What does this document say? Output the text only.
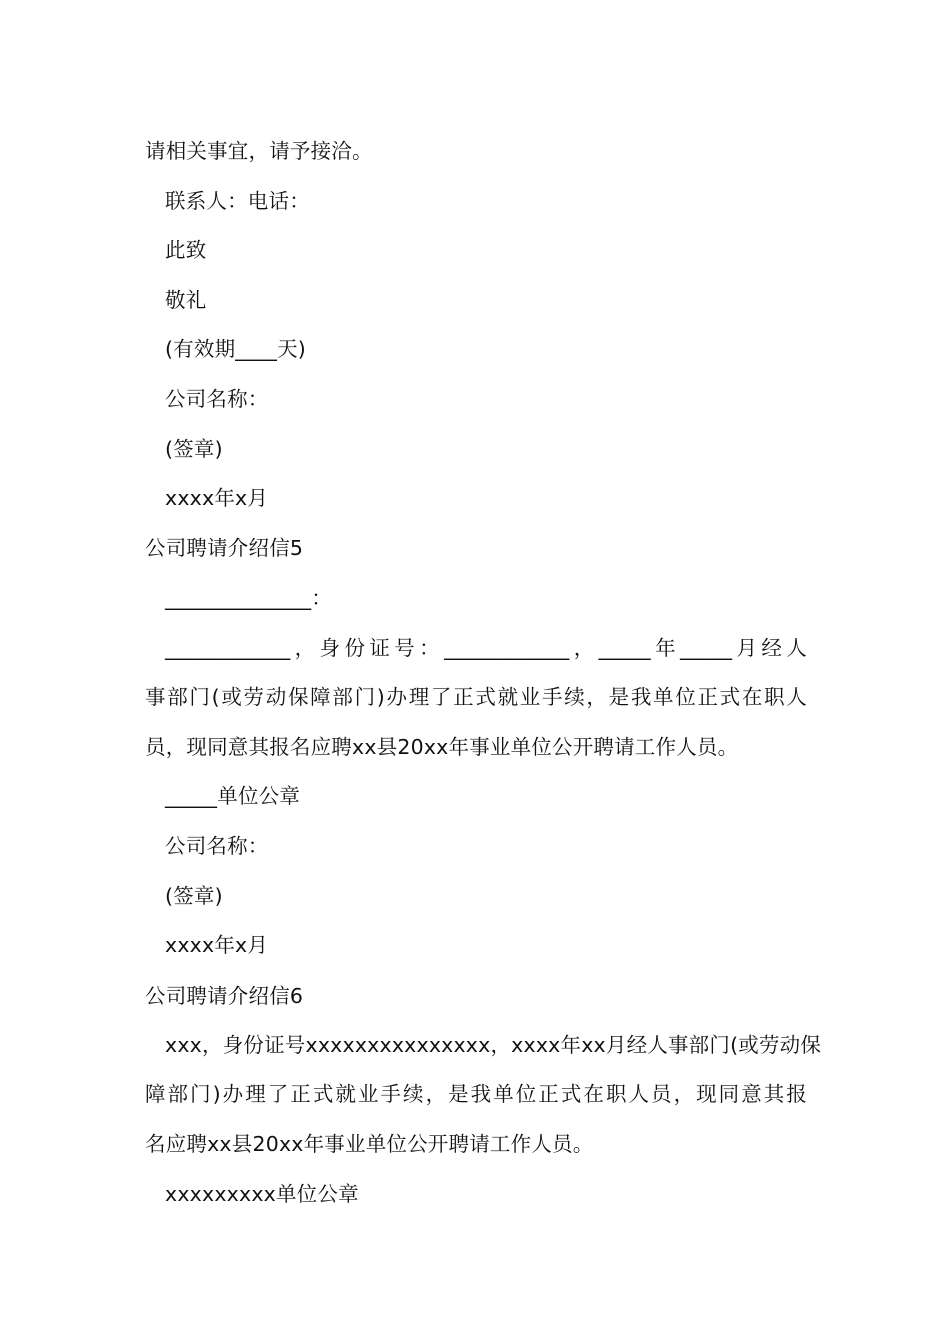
请相关事宜，请予接洽。
联系人：电话：
此致
敬礼
(有效期____天)
公司名称：
(签章)
xxxx年x月
公司聘请介绍信5
______________：
____________，身份证号：____________，_____年_____月经人
事部门(或劳动保障部门)办理了正式就业手续，是我单位正式在职人
员，现同意其报名应聘xx县20xx年事业单位公开聘请工作人员。
_____单位公章
公司名称：
(签章)
xxxx年x月
公司聘请介绍信6
xxx，身份证号xxxxxxxxxxxxxxx，xxxx年xx月经人事部门(或劳动保
障部门)办理了正式就业手续，是我单位正式在职人员，现同意其报
名应聘xx县20xx年事业单位公开聘请工作人员。
xxxxxxxxx单位公章
